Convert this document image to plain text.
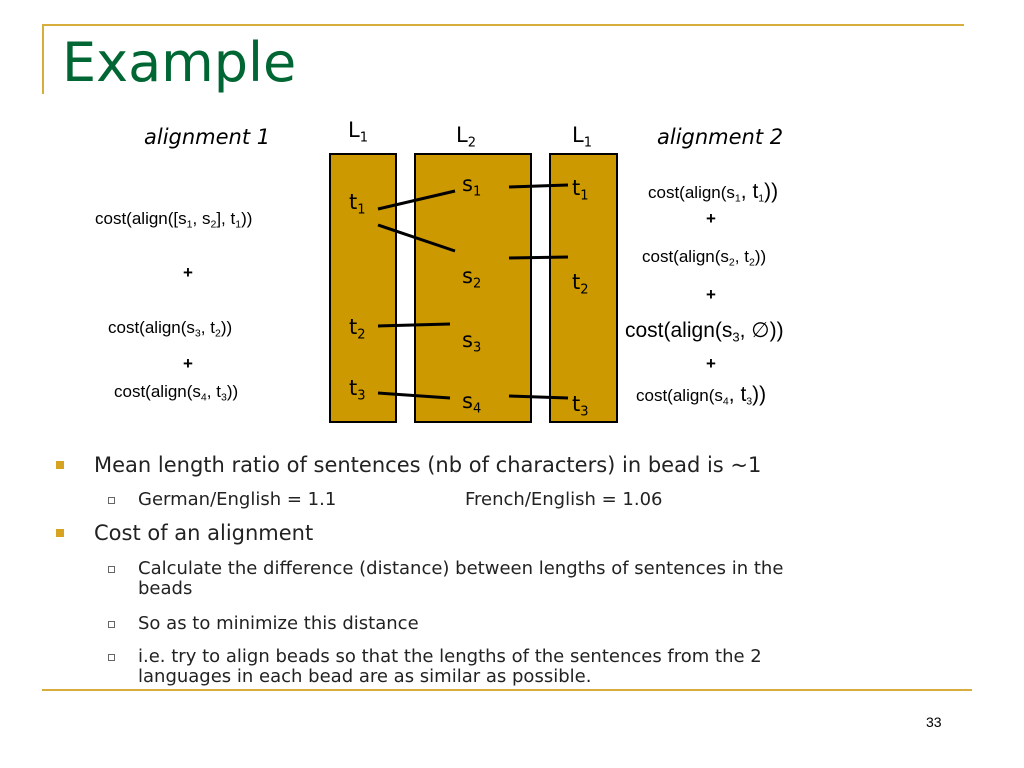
Example
$L_1$	$L_2$	$L_1$
alignment 1	alignment 2
$t_1$
$t_2$
$t_3$
$s_1$
$s_2$
$s_3$
$s_4$
$t_1$
$t_2$
$t_3$
$\cos t(align([s_1$, $s_2$], $t_1$))
+
$\cos t(align(s_3$, $t_2$))
+
$\cos t(align(s_4$, $t_3$))
$\cos t(align(s_1$, $t_1$))
+
$\cos t(align(s_2$, $t_2$))
+
$\cos t(align(s_3$, ∅))
+
$\cos t(align(s_4$, $t_3$))
Mean length ratio of sentences (nb of characters) in bead is ~1
German/English = 1.1	French/English = 1.06
Cost of an alignment
Calculate the difference (distance) between lengths of sentences in the
beads
So as to minimize this distance
i.e. try to align beads so that the lengths of the sentences from the 2
languages in each bead are as similar as possible.
33
